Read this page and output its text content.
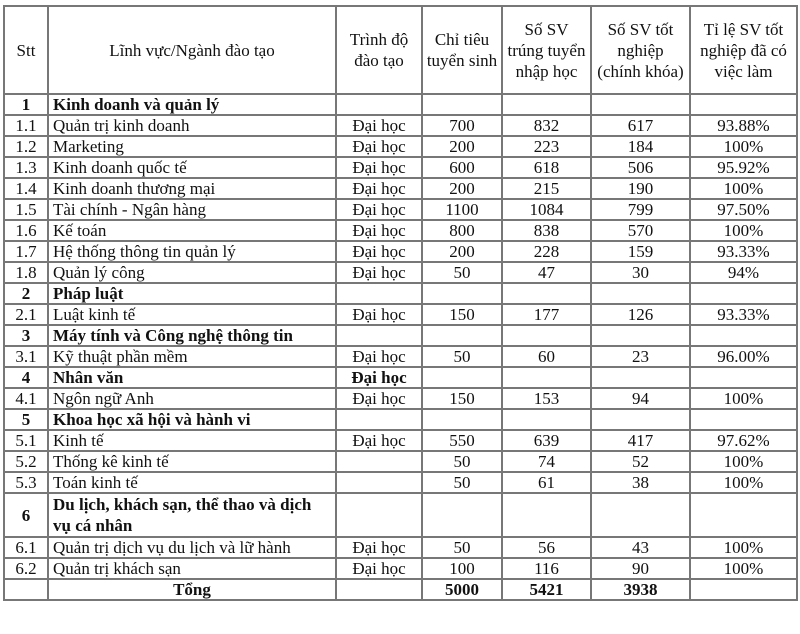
Stt	Lĩnh vực/Ngành đào tạo	Trình độ đào tạo	Chỉ tiêu tuyển sinh	Số SV trúng tuyển nhập học	Số SV tốt nghiệp (chính khóa)	Tỉ lệ SV tốt nghiệp đã có việc làm
1	Kinh doanh và quản lý					
1.1	Quản trị kinh doanh	Đại học	700	832	617	93.88%
1.2	Marketing	Đại học	200	223	184	100%
1.3	Kinh doanh quốc tế	Đại học	600	618	506	95.92%
1.4	Kinh doanh thương mại	Đại học	200	215	190	100%
1.5	Tài chính - Ngân hàng	Đại học	1100	1084	799	97.50%
1.6	Kế toán	Đại học	800	838	570	100%
1.7	Hệ thống thông tin quản lý	Đại học	200	228	159	93.33%
1.8	Quản lý công	Đại học	50	47	30	94%
2	Pháp luật					
2.1	Luật kinh tế	Đại học	150	177	126	93.33%
3	Máy tính và Công nghệ thông tin					
3.1	Kỹ thuật phần mềm	Đại học	50	60	23	96.00%
4	Nhân văn	Đại học				
4.1	Ngôn ngữ Anh	Đại học	150	153	94	100%
5	Khoa học xã hội và hành vi					
5.1	Kinh tế	Đại học	550	639	417	97.62%
5.2	Thống kê kinh tế		50	74	52	100%
5.3	Toán kinh tế		50	61	38	100%
6	Du lịch, khách sạn, thể thao và dịch vụ cá nhân					
6.1	Quản trị dịch vụ du lịch và lữ hành	Đại học	50	56	43	100%
6.2	Quản trị khách sạn	Đại học	100	116	90	100%
	Tổng		5000	5421	3938	
